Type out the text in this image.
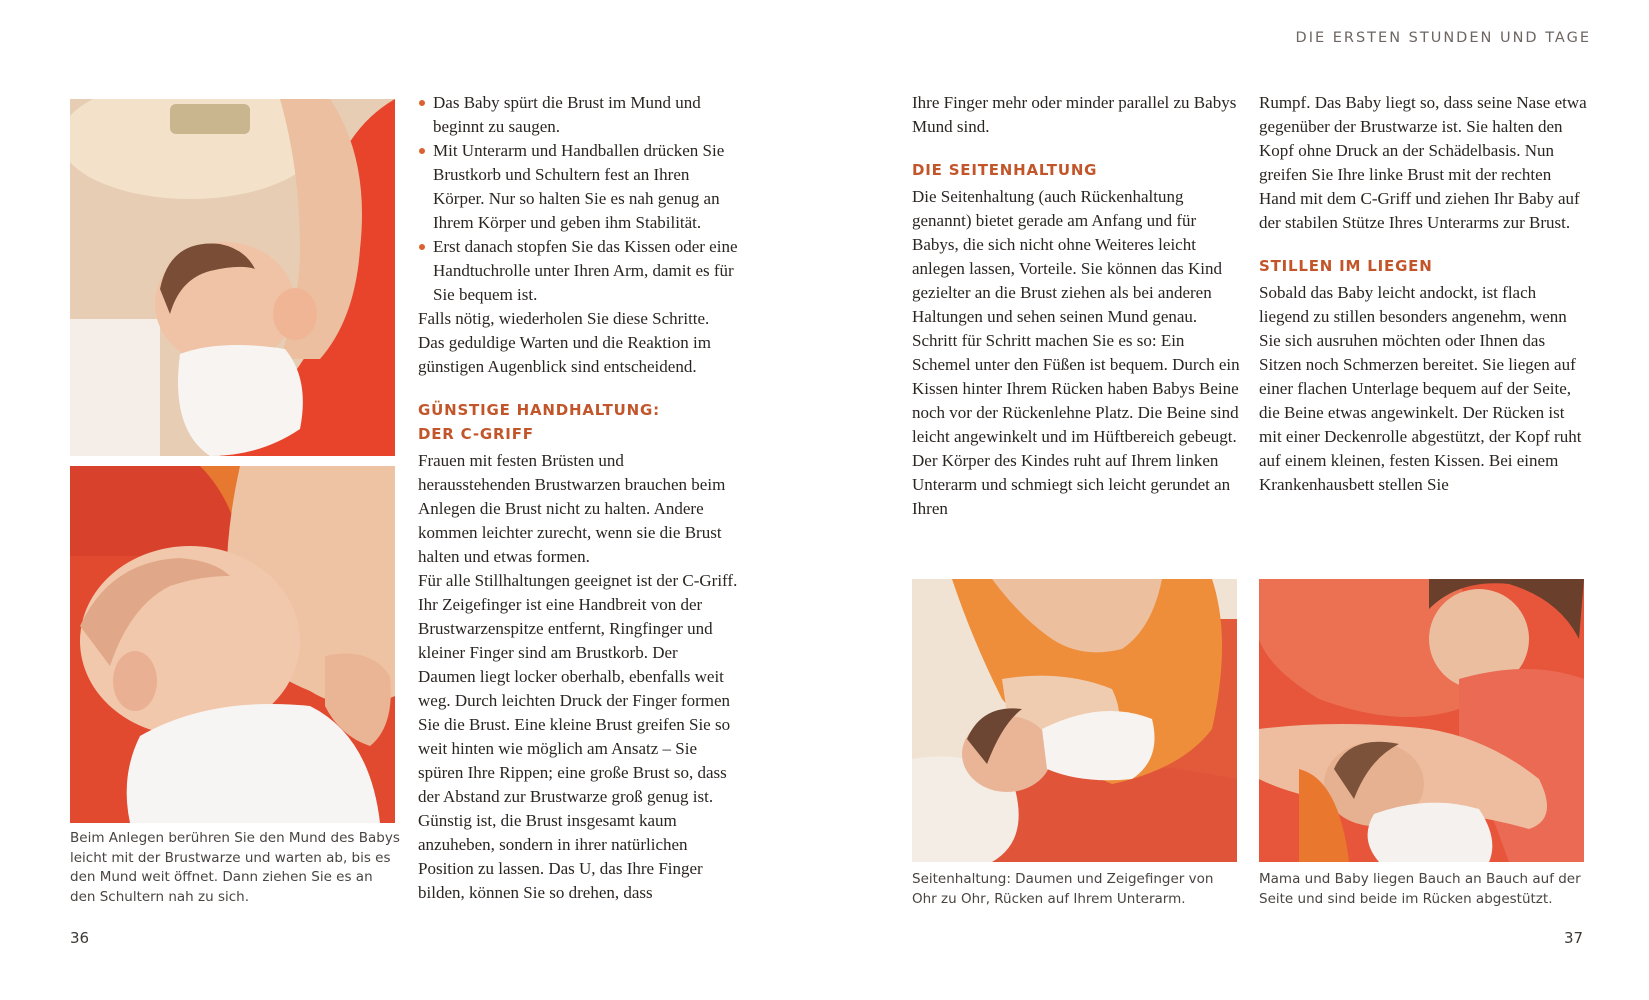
DIE ERSTEN STUNDEN UND TAGE
Beim Anlegen berühren Sie den Mund des Babys leicht mit der Brustwarze und warten ab, bis es den Mund weit öffnet. Dann ziehen Sie es an den Schultern nah zu sich.
Das Baby spürt die Brust im Mund und beginnt zu saugen.
Mit Unterarm und Handballen drücken Sie Brustkorb und Schultern fest an Ihren Körper. Nur so halten Sie es nah genug an Ihrem Körper und geben ihm Stabilität.
Erst danach stopfen Sie das Kissen oder eine Handtuchrolle unter Ihren Arm, damit es für Sie bequem ist.

Falls nötig, wiederholen Sie diese Schritte. Das geduldige Warten und die Reaktion im günstigen Augenblick sind entscheidend.

GÜNSTIGE HANDHALTUNG:
DER C-GRIFF

Frauen mit festen Brüsten und herausstehenden Brustwarzen brauchen beim Anlegen die Brust nicht zu halten. Andere kommen leichter zurecht, wenn sie die Brust halten und etwas formen.

Für alle Stillhaltungen geeignet ist der C-Griff. Ihr Zeigefinger ist eine Handbreit von der Brustwarzenspitze entfernt, Ringfinger und kleiner Finger sind am Brustkorb. Der Daumen liegt locker oberhalb, ebenfalls weit weg. Durch leichten Druck der Finger formen Sie die Brust. Eine kleine Brust greifen Sie so weit hinten wie möglich am Ansatz – Sie spüren Ihre Rippen; eine große Brust so, dass der Abstand zur Brustwarze groß genug ist. Günstig ist, die Brust insgesamt kaum anzuheben, sondern in ihrer natürlichen Position zu lassen. Das U, das Ihre Finger bilden, können Sie so drehen, dass

36

Ihre Finger mehr oder minder parallel zu Babys Mund sind.

DIE SEITENHALTUNG

Die Seitenhaltung (auch Rückenhaltung genannt) bietet gerade am Anfang und für Babys, die sich nicht ohne Weiteres leicht anlegen lassen, Vorteile. Sie können das Kind gezielter an die Brust ziehen als bei anderen Haltungen und sehen seinen Mund genau. Schritt für Schritt machen Sie es so: Ein Schemel unter den Füßen ist bequem. Durch ein Kissen hinter Ihrem Rücken haben Babys Beine noch vor der Rückenlehne Platz. Die Beine sind leicht angewinkelt und im Hüftbereich gebeugt. Der Körper des Kindes ruht auf Ihrem linken Unterarm und schmiegt sich leicht gerundet an Ihren

Rumpf. Das Baby liegt so, dass seine Nase etwa gegenüber der Brustwarze ist. Sie halten den Kopf ohne Druck an der Schädelbasis. Nun greifen Sie Ihre linke Brust mit der rechten Hand mit dem C-Griff und ziehen Ihr Baby auf der stabilen Stütze Ihres Unterarms zur Brust.

STILLEN IM LIEGEN

Sobald das Baby leicht andockt, ist flach liegend zu stillen besonders angenehm, wenn Sie sich ausruhen möchten oder Ihnen das Sitzen noch Schmerzen bereitet. Sie liegen auf einer flachen Unterlage bequem auf der Seite, die Beine etwas angewinkelt. Der Rücken ist mit einer Deckenrolle abgestützt, der Kopf ruht auf einem kleinen, festen Kissen. Bei einem Krankenhausbett stellen Sie

Seitenhaltung: Daumen und Zeigefinger von Ohr zu Ohr, Rücken auf Ihrem Unterarm.
Mama und Baby liegen Bauch an Bauch auf der Seite und sind beide im Rücken abgestützt.
37
